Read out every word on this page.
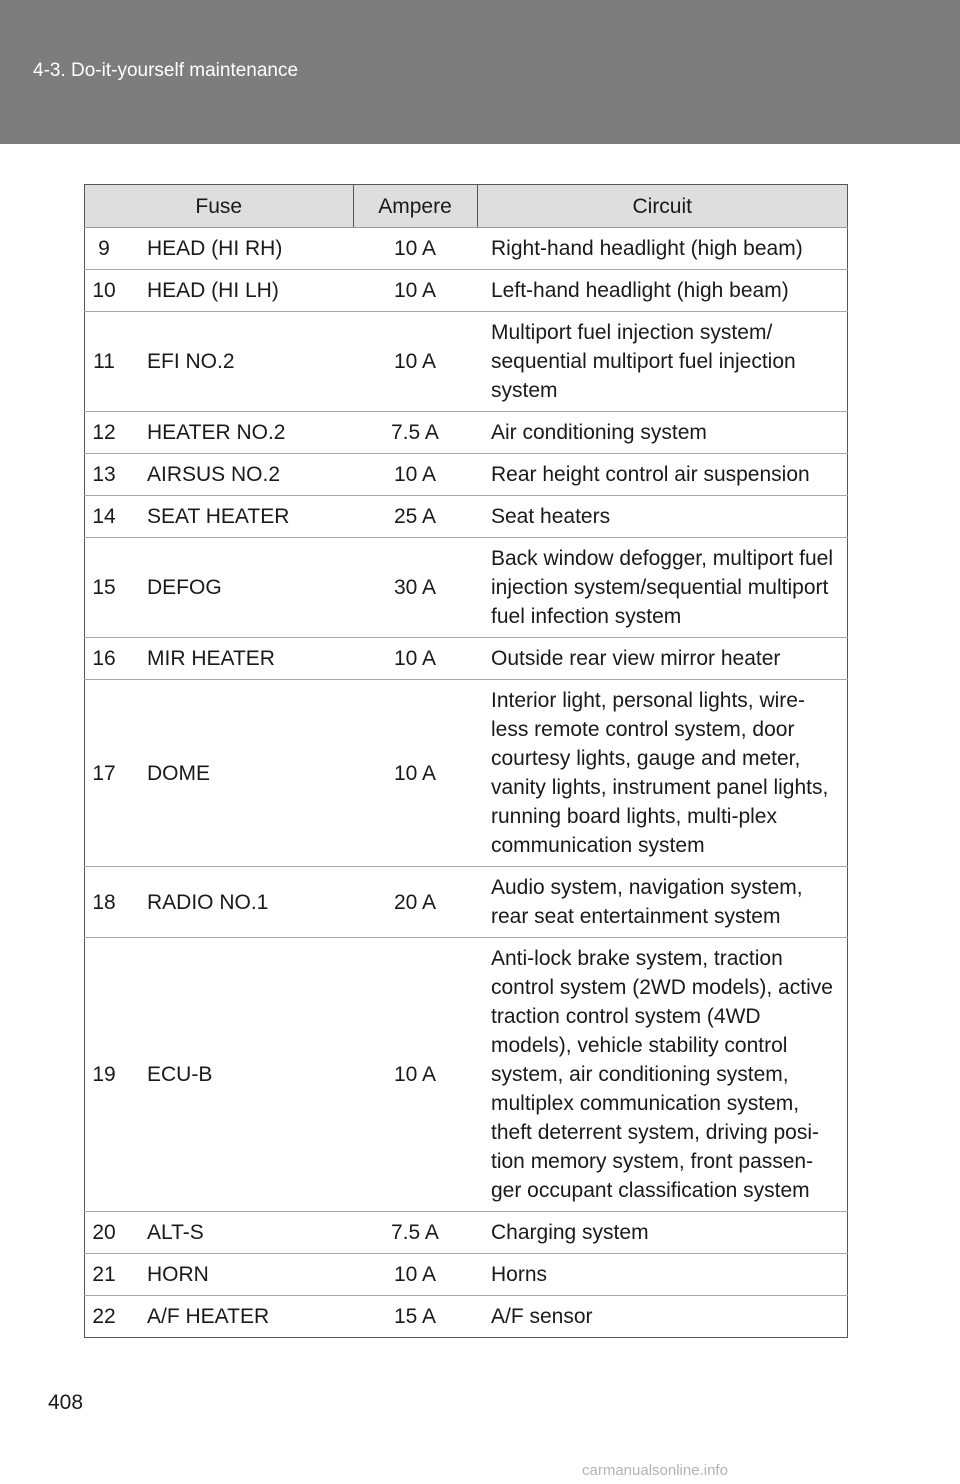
4-3. Do-it-yourself maintenance
Fuse		Ampere	Circuit
9	HEAD (HI RH)	10 A	Right-hand headlight (high beam)
10	HEAD (HI LH)	10 A	Left-hand headlight (high beam)
11	EFI NO.2	10 A	Multiport fuel injection system/ sequential multiport fuel injection system
12	HEATER NO.2	7.5 A	Air conditioning system
13	AIRSUS NO.2	10 A	Rear height control air suspension
14	SEAT HEATER	25 A	Seat heaters
15	DEFOG	30 A	Back window defogger, multiport fuel injection system/sequential multiport fuel infection system
16	MIR HEATER	10 A	Outside rear view mirror heater
17	DOME	10 A	Interior light, personal lights, wire-less remote control system, door courtesy lights, gauge and meter, vanity lights, instrument panel lights, running board lights, multi-plex communication system
18	RADIO NO.1	20 A	Audio system, navigation system, rear seat entertainment system
19	ECU-B	10 A	Anti-lock brake system, traction control system (2WD models), active traction control system (4WD models), vehicle stability control system, air conditioning system, multiplex communication system, theft deterrent system, driving posi-tion memory system, front passen-ger occupant classification system
20	ALT-S	7.5 A	Charging system
21	HORN	10 A	Horns
22	A/F HEATER	15 A	A/F sensor
408
carmanualsonline.info
